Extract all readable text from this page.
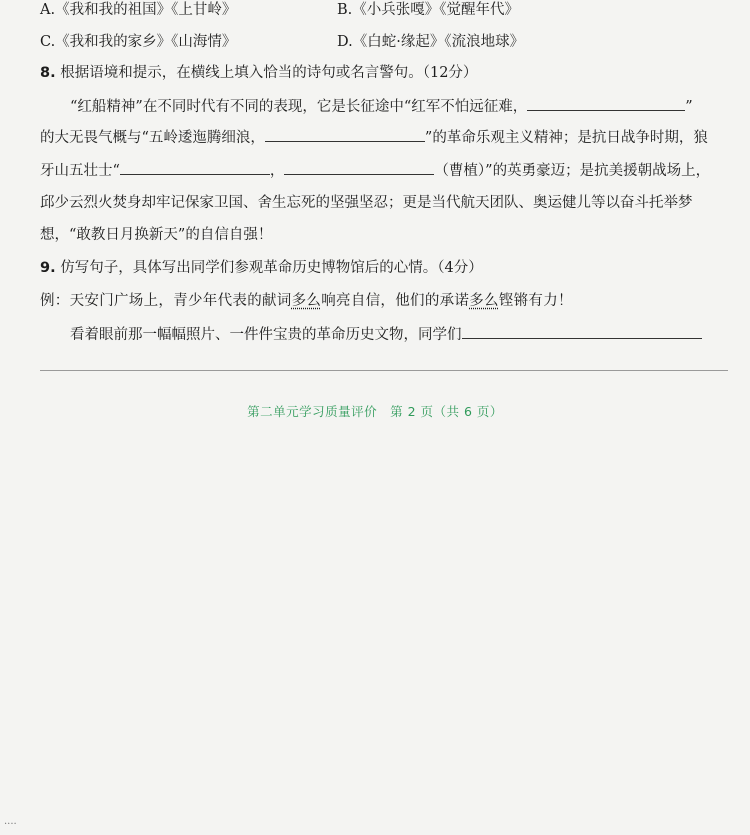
A.《我和我的祖国》《上甘岭》	B.《小兵张嘎》《觉醒年代》
C.《我和我的家乡》《山海情》	D.《白蛇·缘起》《流浪地球》
8. 根据语境和提示，在横线上填入恰当的诗句或名言警句。（12分）
“红船精神”在不同时代有不同的表现，它是长征途中“红军不怕远征难，	”
的大无畏气概与“五岭逶迤腾细浪，	”的革命乐观主义精神；是抗日战争时期，狼
牙山五壮士“	，	（曹植）”的英勇豪迈；是抗美援朝战场上，
邱少云烈火焚身却牢记保家卫国、舍生忘死的坚强坚忍；更是当代航天团队、奥运健儿等以奋斗托举梦
想，“敢教日月换新天”的自信自强！
9. 仿写句子，具体写出同学们参观革命历史博物馆后的心情。（4分）
例：天安门广场上，青少年代表的献词多么响亮自信，他们的承诺多么铿锵有力！
看着眼前那一幅幅照片、一件件宝贵的革命历史文物，同学们
第二单元学习质量评价　第 2 页（共 6 页）
....
